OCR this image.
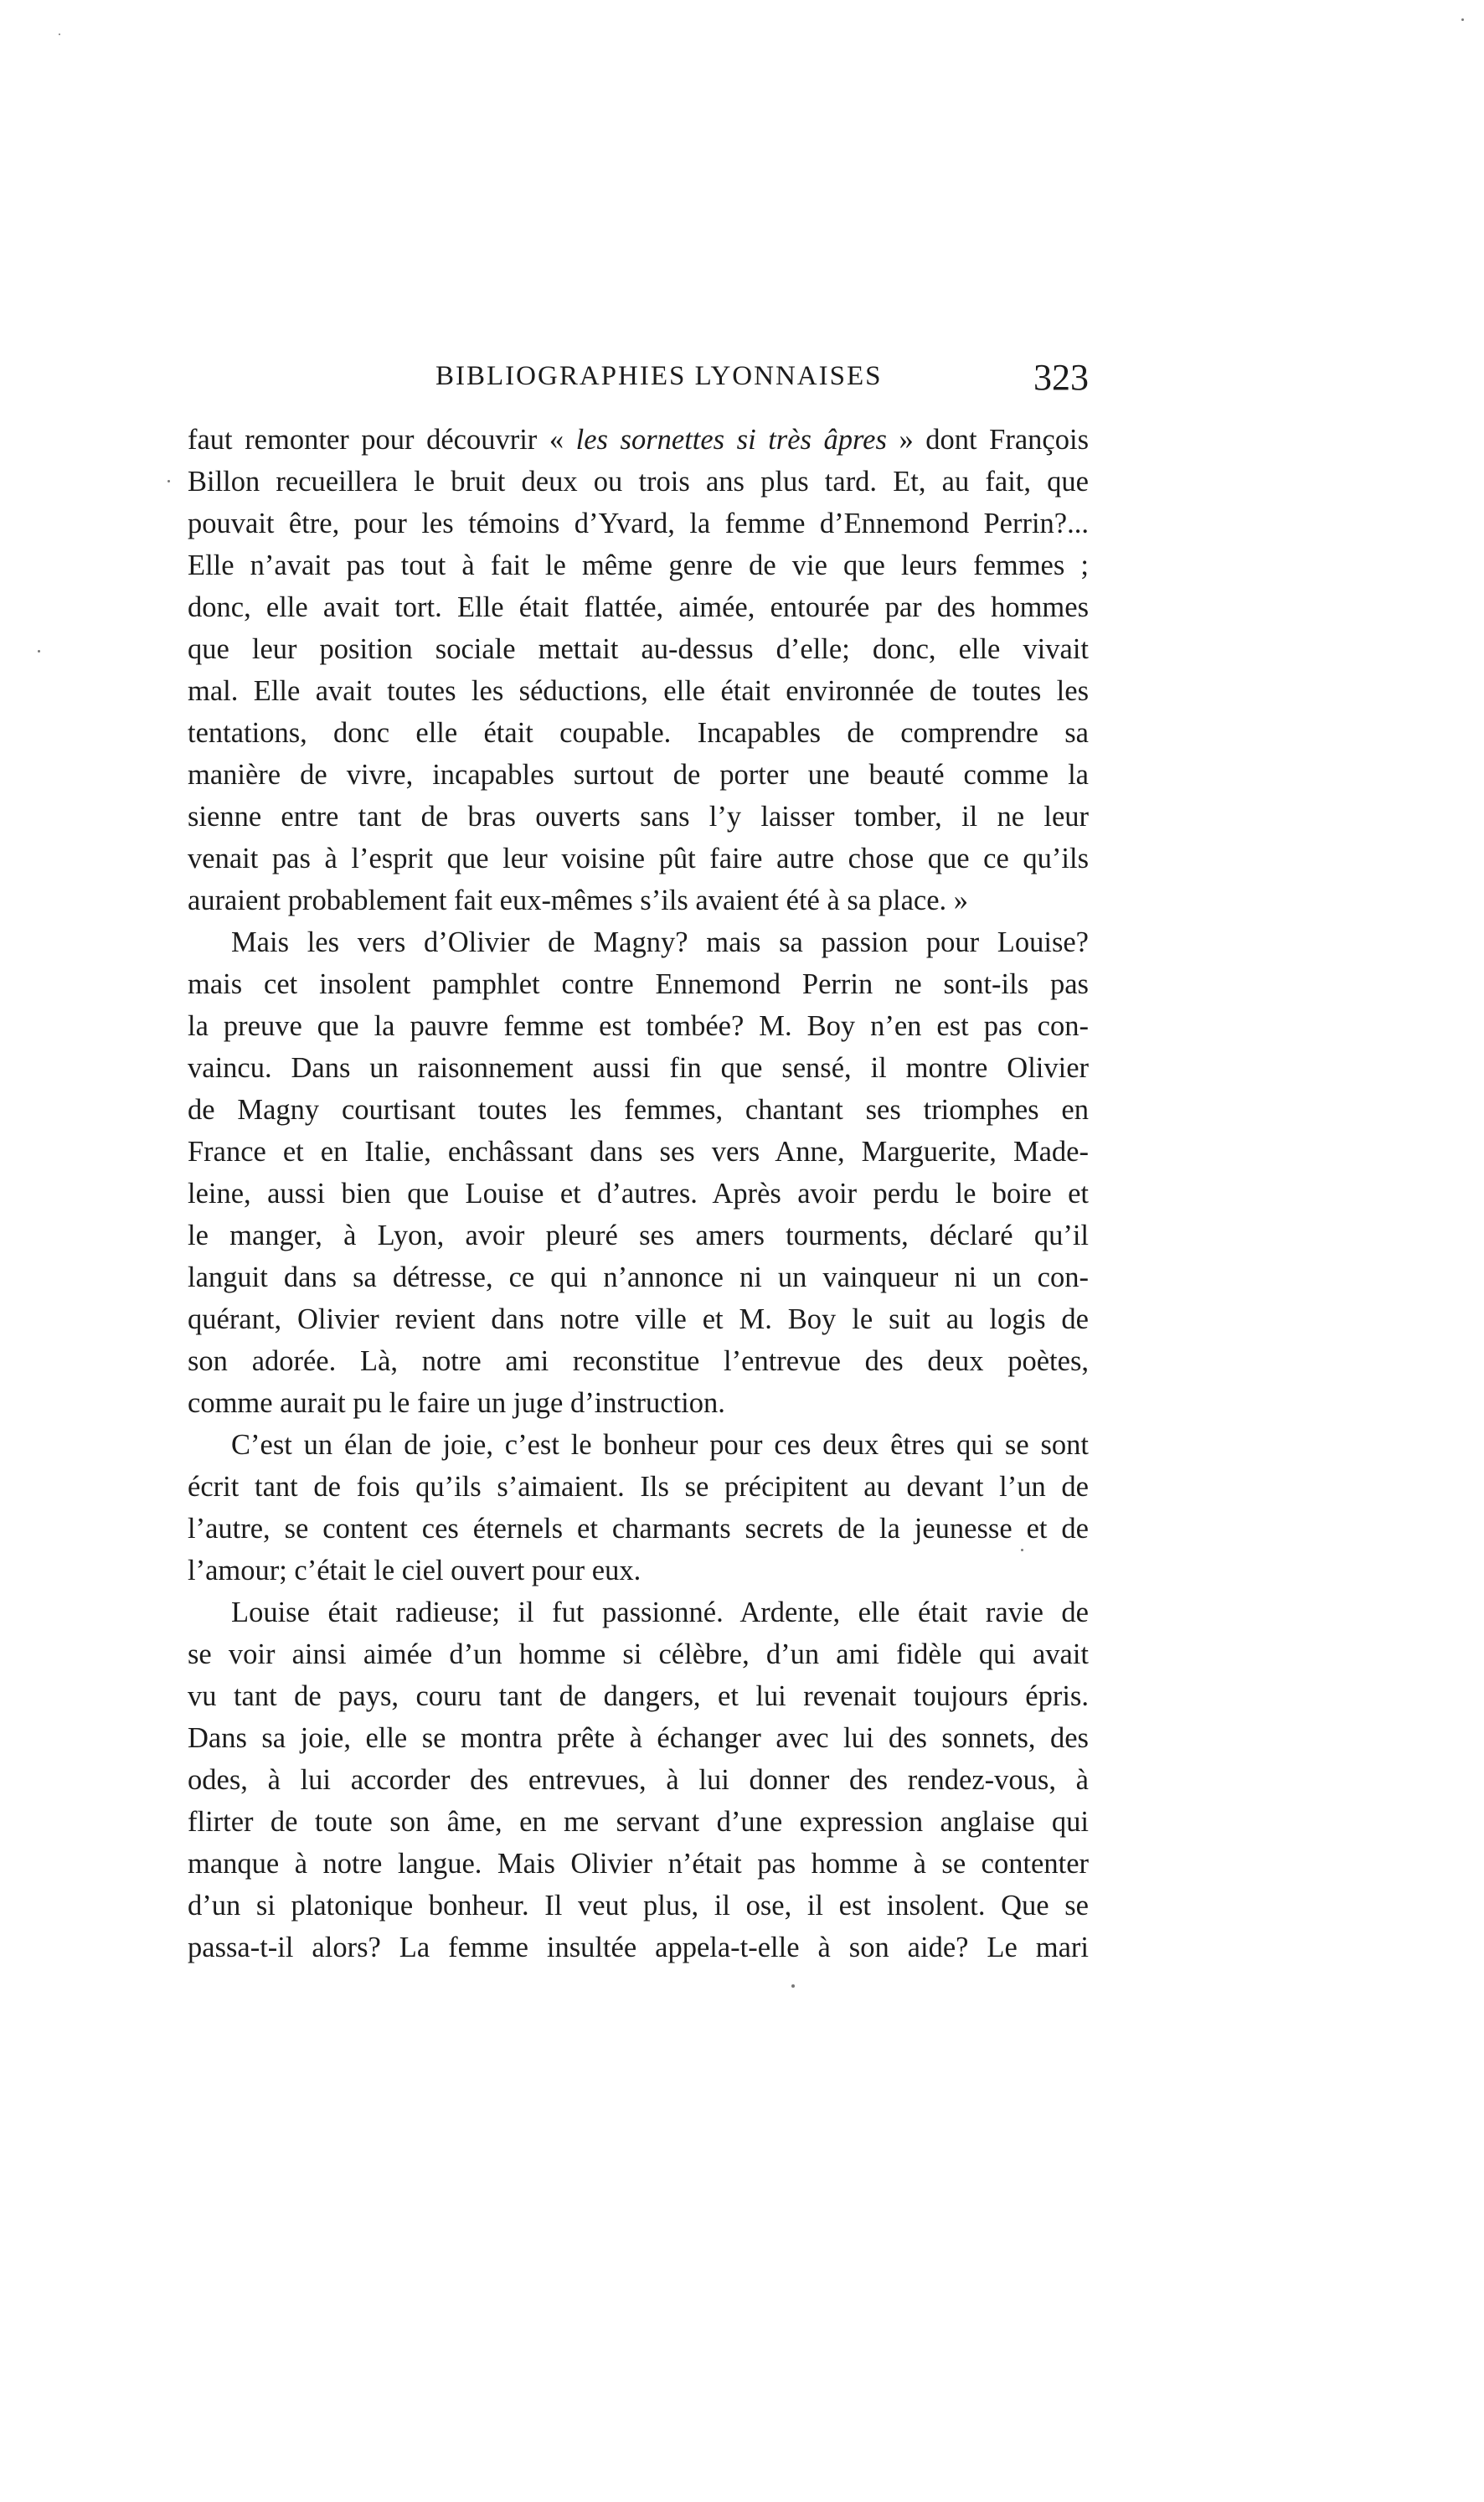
BIBLIOGRAPHIES LYONNAISES	323
faut remonter pour découvrir « les sornettes si très âpres » dont François
Billon recueillera le bruit deux ou trois ans plus tard. Et, au fait, que
pouvait être, pour les témoins d’Yvard, la femme d’Ennemond Perrin?...
Elle n’avait pas tout à fait le même genre de vie que leurs femmes ;
donc, elle avait tort. Elle était flattée, aimée, entourée par des hommes
que leur position sociale mettait au-dessus d’elle; donc, elle vivait
mal. Elle avait toutes les séductions, elle était environnée de toutes les
tentations, donc elle était coupable. Incapables de comprendre sa
manière de vivre, incapables surtout de porter une beauté comme la
sienne entre tant de bras ouverts sans l’y laisser tomber, il ne leur
venait pas à l’esprit que leur voisine pût faire autre chose que ce qu’ils
auraient probablement fait eux-mêmes s’ils avaient été à sa place. »
Mais les vers d’Olivier de Magny? mais sa passion pour Louise?
mais cet insolent pamphlet contre Ennemond Perrin ne sont-ils pas
la preuve que la pauvre femme est tombée? M. Boy n’en est pas con-
vaincu. Dans un raisonnement aussi fin que sensé, il montre Olivier
de Magny courtisant toutes les femmes, chantant ses triomphes en
France et en Italie, enchâssant dans ses vers Anne, Marguerite, Made-
leine, aussi bien que Louise et d’autres. Après avoir perdu le boire et
le manger, à Lyon, avoir pleuré ses amers tourments, déclaré qu’il
languit dans sa détresse, ce qui n’annonce ni un vainqueur ni un con-
quérant, Olivier revient dans notre ville et M. Boy le suit au logis de
son adorée. Là, notre ami reconstitue l’entrevue des deux poètes,
comme aurait pu le faire un juge d’instruction.
C’est un élan de joie, c’est le bonheur pour ces deux êtres qui se sont
écrit tant de fois qu’ils s’aimaient. Ils se précipitent au devant l’un de
l’autre, se content ces éternels et charmants secrets de la jeunesse et de
l’amour; c’était le ciel ouvert pour eux.
Louise était radieuse; il fut passionné. Ardente, elle était ravie de
se voir ainsi aimée d’un homme si célèbre, d’un ami fidèle qui avait
vu tant de pays, couru tant de dangers, et lui revenait toujours épris.
Dans sa joie, elle se montra prête à échanger avec lui des sonnets, des
odes, à lui accorder des entrevues, à lui donner des rendez-vous, à
flirter de toute son âme, en me servant d’une expression anglaise qui
manque à notre langue. Mais Olivier n’était pas homme à se contenter
d’un si platonique bonheur. Il veut plus, il ose, il est insolent. Que se
passa-t-il alors? La femme insultée appela-t-elle à son aide? Le mari
